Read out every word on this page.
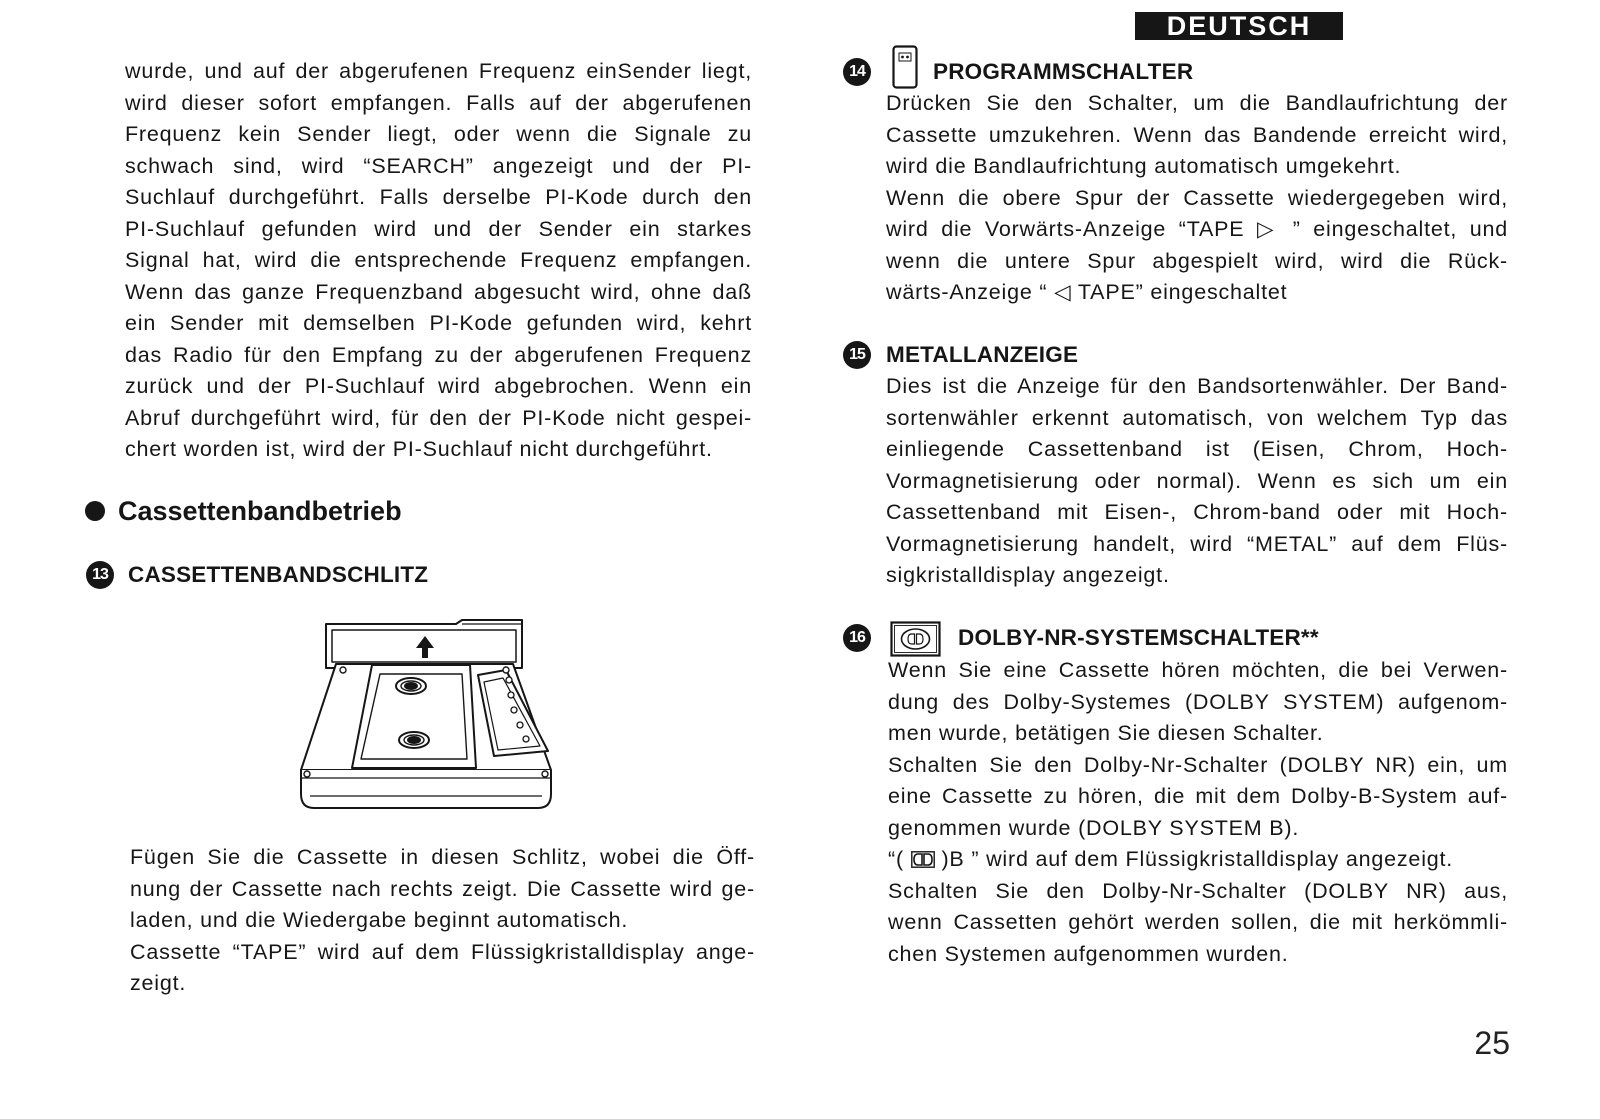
DEUTSCH
wurde, und auf der abgerufenen Frequenz einSender liegt,
wird dieser sofort empfangen. Falls auf der abgerufenen
Frequenz kein Sender liegt, oder wenn die Signale zu
schwach sind, wird “SEARCH” angezeigt und der PI-
Suchlauf durchgeführt. Falls derselbe PI-Kode durch den
PI-Suchlauf gefunden wird und der Sender ein starkes
Signal hat, wird die entsprechende Frequenz empfangen.
Wenn das ganze Frequenzband abgesucht wird, ohne daß
ein Sender mit demselben PI-Kode gefunden wird, kehrt
das Radio für den Empfang zu der abgerufenen Frequenz
zurück und der PI-Suchlauf wird abgebrochen. Wenn ein
Abruf durchgeführt wird, für den der PI-Kode nicht gespei-
chert worden ist, wird der PI-Suchlauf nicht durchgeführt.
Cassettenbandbetrieb
13 CASSETTENBANDSCHLITZ
Fügen Sie die Cassette in diesen Schlitz, wobei die Öff-
nung der Cassette nach rechts zeigt. Die Cassette wird ge-
laden, und die Wiedergabe beginnt automatisch.
Cassette “TAPE” wird auf dem Flüssigkristalldisplay ange-
zeigt.
14	PROGRAMMSCHALTER
Drücken Sie den Schalter, um die Bandlaufrichtung der
Cassette umzukehren. Wenn das Bandende erreicht wird,
wird die Bandlaufrichtung automatisch umgekehrt.
Wenn die obere Spur der Cassette wiedergegeben wird,
wird die Vorwärts-Anzeige “TAPE ▷ ” eingeschaltet, und
wenn die untere Spur abgespielt wird, wird die Rück-
wärts-Anzeige “ ◁ TAPE” eingeschaltet
15 METALLANZEIGE
Dies ist die Anzeige für den Bandsortenwähler. Der Band-
sortenwähler erkennt automatisch, von welchem Typ das
einliegende Cassettenband ist (Eisen, Chrom, Hoch-
Vormagnetisierung oder normal). Wenn es sich um ein
Cassettenband mit Eisen-, Chrom-band oder mit Hoch-
Vormagnetisierung handelt, wird “METAL” auf dem Flüs-
sigkristalldisplay angezeigt.
16	DOLBY-NR-SYSTEMSCHALTER**
Wenn Sie eine Cassette hören möchten, die bei Verwen-
dung des Dolby-Systemes (DOLBY SYSTEM) aufgenom-
men wurde, betätigen Sie diesen Schalter.
Schalten Sie den Dolby-Nr-Schalter (DOLBY NR) ein, um
eine Cassette zu hören, die mit dem Dolby-B-System auf-
genommen wurde (DOLBY SYSTEM B).
“(  )B ” wird auf dem Flüssigkristalldisplay angezeigt.
Schalten Sie den Dolby-Nr-Schalter (DOLBY NR) aus,
wenn Cassetten gehört werden sollen, die mit herkömmli-
chen Systemen aufgenommen wurden.
25
